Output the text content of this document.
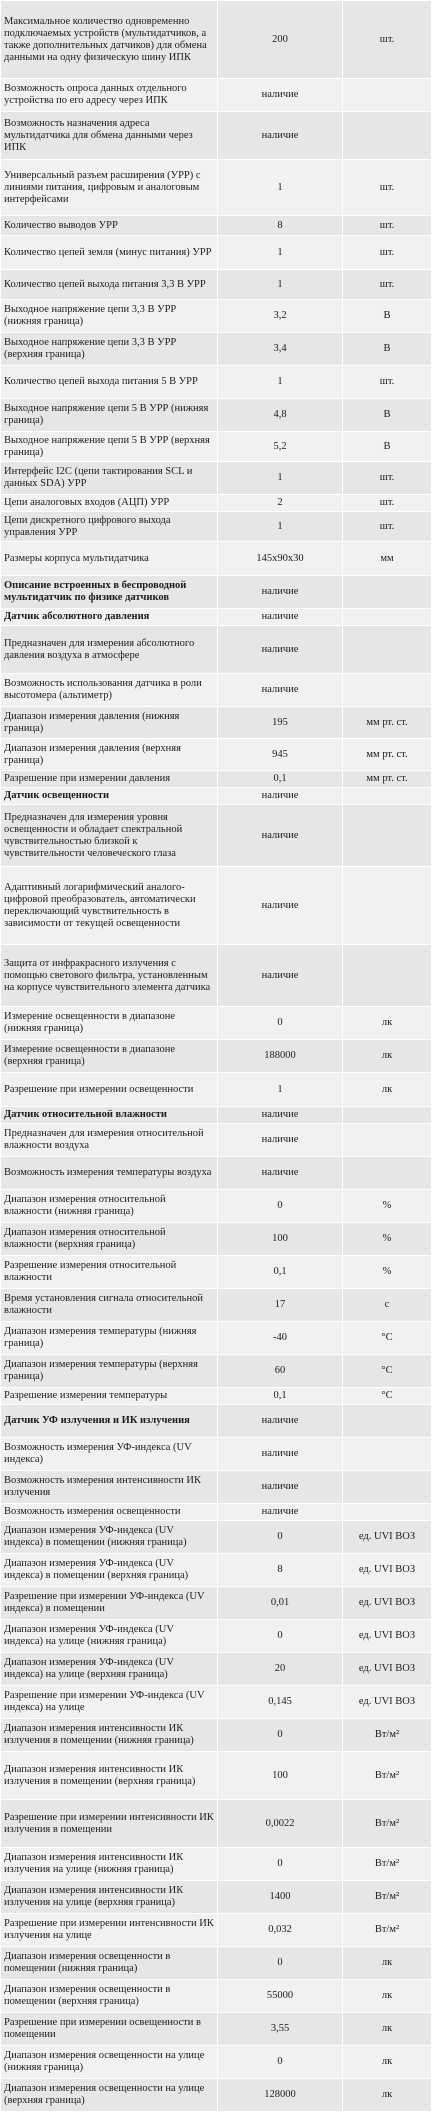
Максимальное количество одновременно подключаемых устройств (мультидатчиков, а также дополнительных датчиков) для обмена данными на одну физическую шину ИПК	200	шт.
Возможность опроса данных отдельного устройства по его адресу через ИПК	наличие	
Возможность назначения адреса мультидатчика для обмена данными через ИПК	наличие	
Универсальный разъем расширения (УРР) с линиями питания, цифровым и аналоговым интерфейсами	1	шт.
Количество выводов УРР	8	шт.
Количество цепей земля (минус питания) УРР	1	шт.
Количество цепей выхода питания 3,3 В УРР	1	шт.
Выходное напряжение цепи 3,3 В УРР (нижняя граница)	3,2	В
Выходное напряжение цепи 3,3 В УРР (верхняя граница)	3,4	В
Количество цепей выхода питания 5 В УРР	1	шт.
Выходное напряжение цепи 5 В УРР (нижняя граница)	4,8	В
Выходное напряжение цепи 5 В УРР (верхняя граница)	5,2	В
Интерфейс I2C (цепи тактирования SCL и данных SDA) УРР	1	шт.
Цепи аналоговых входов (АЦП) УРР	2	шт.
Цепи дискретного цифрового выхода управления УРР	1	шт.
Размеры корпуса мультидатчика	145х90х30	мм
Описание встроенных в беспроводной мультидатчик по физике датчиков	наличие	
Датчик абсолютного давления	наличие	
Предназначен для измерения абсолютного давления воздуха в атмосфере	наличие	
Возможность использования датчика в роли высотомера (альтиметр)	наличие	
Диапазон измерения давления (нижняя граница)	195	мм рт. ст.
Диапазон измерения давления (верхняя граница)	945	мм рт. ст.
Разрешение при измерении давления	0,1	мм рт. ст.
Датчик освещенности	наличие	
Предназначен для измерения уровня освещенности и обладает спектральной чувствительностью близкой к чувствительности человеческого глаза	наличие	
Адаптивный логарифмический аналого-цифровой преобразователь, автоматически переключающий чувствительность в зависимости от текущей освещенности	наличие	
Защита от инфракрасного излучения с помощью светового фильтра, установленным на корпусе чувствительного элемента датчика	наличие	
Измерение освещенности в диапазоне (нижняя граница)	0	лк
Измерение освещенности в диапазоне (верхняя граница)	188000	лк
Разрешение при измерении освещенности	1	лк
Датчик относительной влажности	наличие	
Предназначен для измерения относительной влажности воздуха	наличие	
Возможность измерения температуры воздуха	наличие	
Диапазон измерения относительной влажности (нижняя граница)	0	%
Диапазон измерения относительной влажности (верхняя граница)	100	%
Разрешение измерения относительной влажности	0,1	%
Время установления сигнала относительной влажности	17	с
Диапазон измерения температуры (нижняя граница)	-40	°С
Диапазон измерения температуры (верхняя граница)	60	°С
Разрешение измерения температуры	0,1	°С
Датчик УФ излучения и ИК излучения	наличие	
Возможность измерения УФ-индекса (UV индекса)	наличие	
Возможность измерения интенсивности ИК излучения	наличие	
Возможность измерения освещенности	наличие	
Диапазон измерения УФ-индекса (UV индекса) в помещении (нижняя граница)	0	ед. UVI ВОЗ
Диапазон измерения УФ-индекса (UV индекса) в помещении (верхняя граница)	8	ед. UVI ВОЗ
Разрешение при измерении УФ-индекса (UV индекса) в помещении	0,01	ед. UVI ВОЗ
Диапазон измерения УФ-индекса (UV индекса) на улице (нижняя граница)	0	ед. UVI ВОЗ
Диапазон измерения УФ-индекса (UV индекса) на улице (верхняя граница)	20	ед. UVI ВОЗ
Разрешение при измерении УФ-индекса (UV индекса) на улице	0,145	ед. UVI ВОЗ
Диапазон измерения интенсивности ИК излучения в помещении (нижняя граница)	0	Вт/м²
Диапазон измерения интенсивности ИК излучения в помещении (верхняя граница)	100	Вт/м²
Разрешение при измерении интенсивности ИК излучения в помещении	0,0022	Вт/м²
Диапазон измерения интенсивности ИК излучения на улице (нижняя граница)	0	Вт/м²
Диапазон измерения интенсивности ИК излучения на улице (верхняя граница)	1400	Вт/м²
Разрешение при измерении интенсивности ИК излучения на улице	0,032	Вт/м²
Диапазон измерения освещенности в помещении (нижняя граница)	0	лк
Диапазон измерения освещенности в помещении (верхняя граница)	55000	лк
Разрешение при измерении освещенности в помещении	3,55	лк
Диапазон измерения освещенности на улице (нижняя граница)	0	лк
Диапазон измерения освещенности на улице (верхняя граница)	128000	лк
